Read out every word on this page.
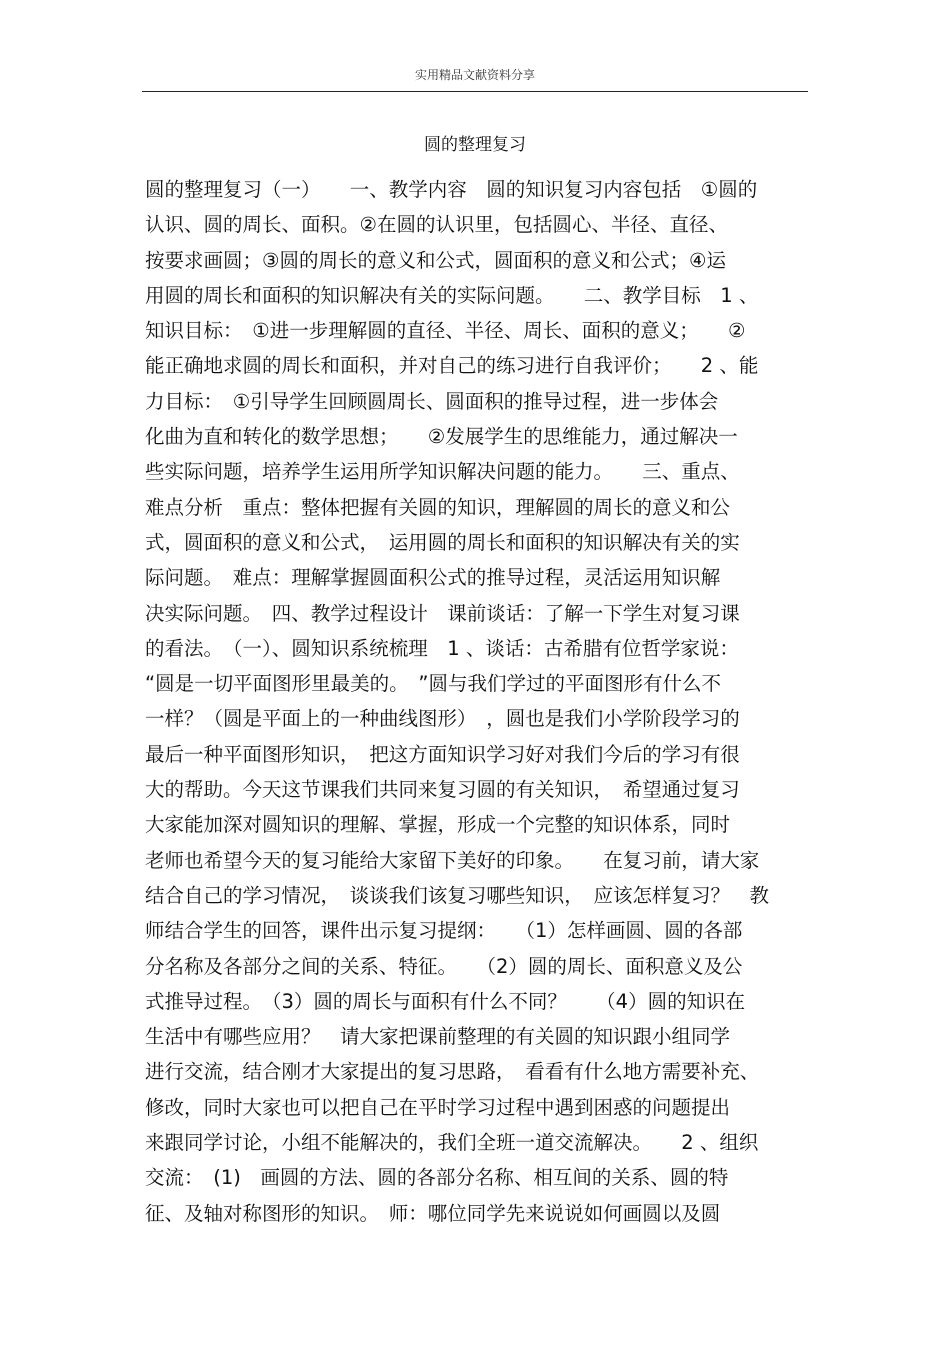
实用精品文献资料分享
圆的整理复习
圆的整理复习（一）　　一、教学内容　圆的知识复习内容包括　①圆的
认识、圆的周长、面积。②在圆的认识里，包括圆心、半径、直径、
按要求画圆；③圆的周长的意义和公式，圆面积的意义和公式；④运
用圆的周长和面积的知识解决有关的实际问题。　　二、教学目标　1 、
知识目标：　①进一步理解圆的直径、半径、周长、面积的意义；　　②
能正确地求圆的周长和面积，并对自己的练习进行自我评价；　　2 、能
力目标：　①引导学生回顾圆周长、圆面积的推导过程，进一步体会
化曲为直和转化的数学思想；　　②发展学生的思维能力，通过解决一
些实际问题，培养学生运用所学知识解决问题的能力。　　三、重点、
难点分析　重点：整体把握有关圆的知识，理解圆的周长的意义和公
式，圆面积的意义和公式，　运用圆的周长和面积的知识解决有关的实
际问题。　难点：理解掌握圆面积公式的推导过程，灵活运用知识解
决实际问题。　四、教学过程设计　课前谈话：了解一下学生对复习课
的看法。　（一）、圆知识系统梳理　1 、谈话：古希腊有位哲学家说：
“圆是一切平面图形里最美的。　”圆与我们学过的平面图形有什么不
一样？（圆是平面上的一种曲线图形）　，圆也是我们小学阶段学习的
最后一种平面图形知识，　把这方面知识学习好对我们今后的学习有很
大的帮助。今天这节课我们共同来复习圆的有关知识，　希望通过复习
大家能加深对圆知识的理解、掌握，形成一个完整的知识体系，同时
老师也希望今天的复习能给大家留下美好的印象。　　在复习前，请大家
结合自己的学习情况，　谈谈我们该复习哪些知识，　应该怎样复习？　教
师结合学生的回答，课件出示复习提纲：　　（1）怎样画圆、圆的各部
分名称及各部分之间的关系、特征。　　（2）圆的周长、面积意义及公
式推导过程。　（3）圆的周长与面积有什么不同？　　（4）圆的知识在
生活中有哪些应用？　请大家把课前整理的有关圆的知识跟小组同学
进行交流，结合刚才大家提出的复习思路，　看看有什么地方需要补充、
修改，同时大家也可以把自己在平时学习过程中遇到困惑的问题提出
来跟同学讨论，小组不能解决的，我们全班一道交流解决。　　2 、组织
交流：　(1)　画圆的方法、圆的各部分名称、相互间的关系、圆的特
征、及轴对称图形的知识。　师：哪位同学先来说说如何画圆以及圆
